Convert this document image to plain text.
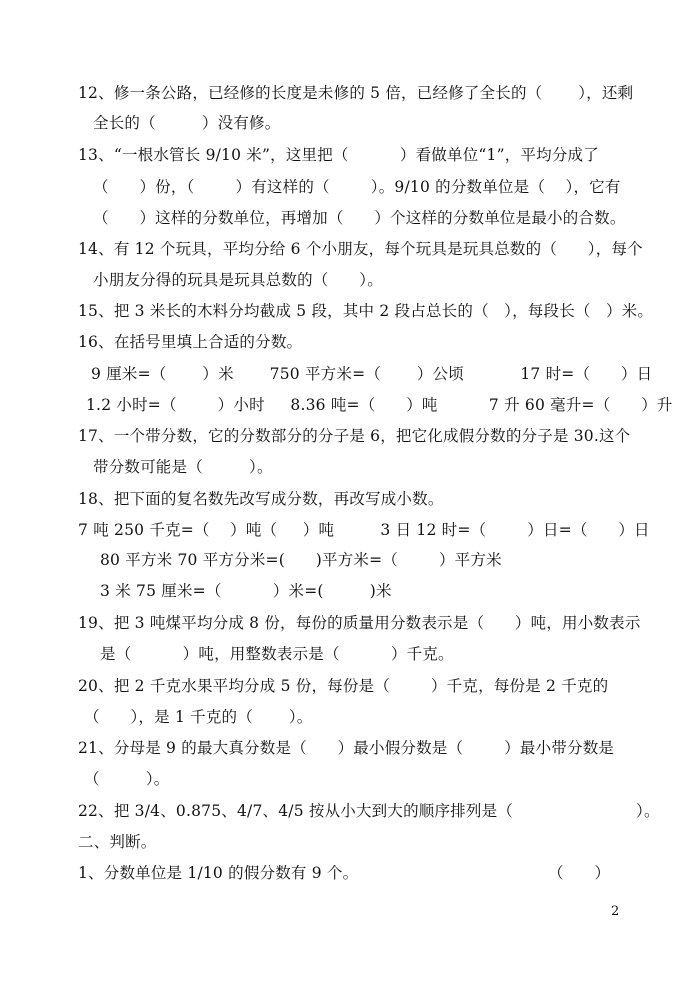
12、修一条公路，已经修的长度是未修的 5 倍，已经修了全长的（       ），还剩
全长的（         ）没有修。
13、“一根水管长 9/10 米”，这里把（          ）看做单位“1”，平均分成了
（      ）份，（        ）有这样的（        ）。9/10 的分数单位是（    ），它有
（      ）这样的分数单位，再增加（      ）个这样的分数单位是最小的合数。
14、有 12 个玩具，平均分给 6 个小朋友，每个玩具是玩具总数的（      ），每个
小朋友分得的玩具是玩具总数的（      ）。
15、把 3 米长的木料分均截成 5 段，其中 2 段占总长的（   ），每段长（   ）米。
16、在括号里填上合适的分数。
9 厘米=（       ）米       750 平方米=（       ）公顷           17 时=（      ）日
1.2 小时=（        ）小时     8.36 吨=（      ）吨          7 升 60 毫升=（      ）升
17、一个带分数，它的分数部分的分子是 6，把它化成假分数的分子是 30.这个
带分数可能是（         ）。
18、把下面的复名数先改写成分数，再改写成小数。
7 吨 250 千克=（    ）吨（     ）吨         3 日 12 时=（        ）日=（      ）日
80 平方米 70 平方分米=(      )平方米=（        ）平方米
3 米 75 厘米=（          ）米=(         )米
19、把 3 吨煤平均分成 8 份，每份的质量用分数表示是（      ）吨，用小数表示
是（          ）吨，用整数表示是（          ）千克。
20、把 2 千克水果平均分成 5 份，每份是（        ）千克，每份是 2 千克的
（      ），是 1 千克的（       ）。
21、分母是 9 的最大真分数是（      ）最小假分数是（        ）最小带分数是
（         ）。
22、把 3/4、0.875、4/7、4/5 按从小大到大的顺序排列是（                        ）。
二、判断。
1、分数单位是 1/10 的假分数有 9 个。                                     （      ）
2
